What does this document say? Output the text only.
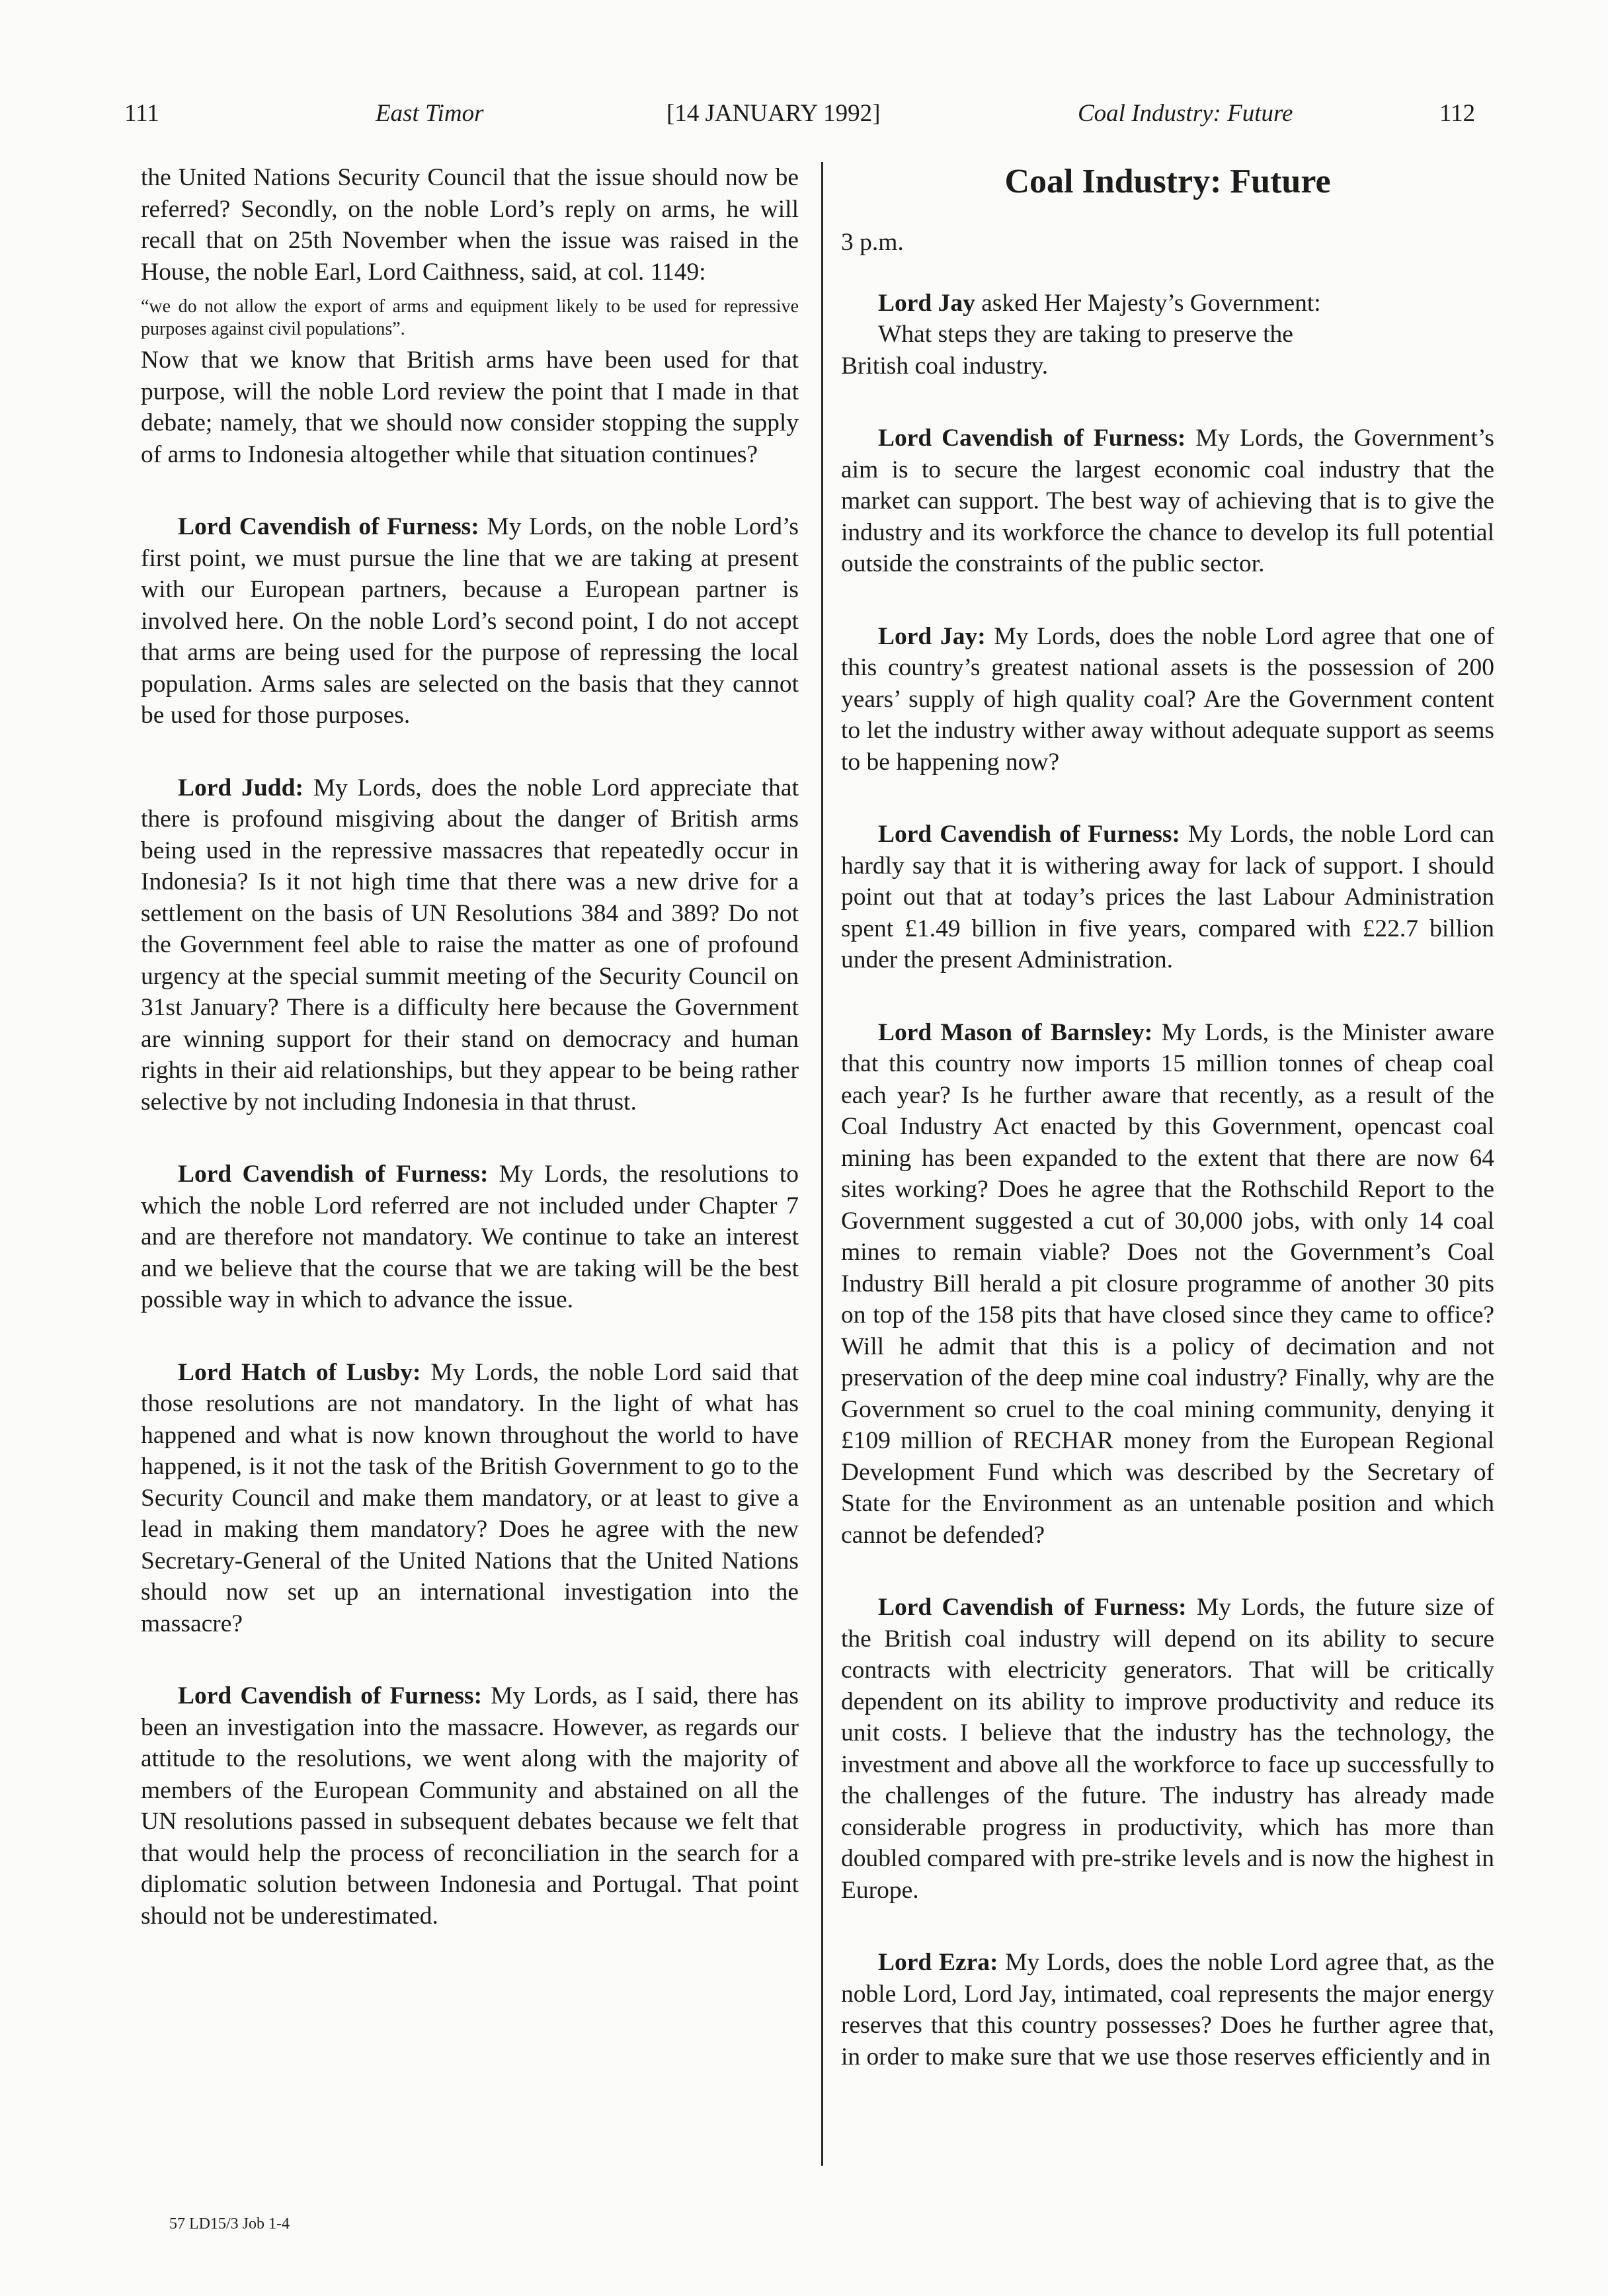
111	East Timor	[14 JANUARY 1992]	Coal Industry: Future	112

the United Nations Security Council that the issue should now be referred? Secondly, on the noble Lord’s reply on arms, he will recall that on 25th November when the issue was raised in the House, the noble Earl, Lord Caithness, said, at col. 1149:

“we do not allow the export of arms and equipment likely to be used for repressive purposes against civil populations”.

Now that we know that British arms have been used for that purpose, will the noble Lord review the point that I made in that debate; namely, that we should now consider stopping the supply of arms to Indonesia altogether while that situation continues?

Lord Cavendish of Furness: My Lords, on the noble Lord’s first point, we must pursue the line that we are taking at present with our European partners, because a European partner is involved here. On the noble Lord’s second point, I do not accept that arms are being used for the purpose of repressing the local population. Arms sales are selected on the basis that they cannot be used for those purposes.

Lord Judd: My Lords, does the noble Lord appreciate that there is profound misgiving about the danger of British arms being used in the repressive massacres that repeatedly occur in Indonesia? Is it not high time that there was a new drive for a settlement on the basis of UN Resolutions 384 and 389? Do not the Government feel able to raise the matter as one of profound urgency at the special summit meeting of the Security Council on 31st January? There is a difficulty here because the Government are winning support for their stand on democracy and human rights in their aid relationships, but they appear to be being rather selective by not including Indonesia in that thrust.

Lord Cavendish of Furness: My Lords, the resolutions to which the noble Lord referred are not included under Chapter 7 and are therefore not mandatory. We continue to take an interest and we believe that the course that we are taking will be the best possible way in which to advance the issue.

Lord Hatch of Lusby: My Lords, the noble Lord said that those resolutions are not mandatory. In the light of what has happened and what is now known throughout the world to have happened, is it not the task of the British Government to go to the Security Council and make them mandatory, or at least to give a lead in making them mandatory? Does he agree with the new Secretary-General of the United Nations that the United Nations should now set up an international investigation into the massacre?

Lord Cavendish of Furness: My Lords, as I said, there has been an investigation into the massacre. However, as regards our attitude to the resolutions, we went along with the majority of members of the European Community and abstained on all the UN resolutions passed in subsequent debates because we felt that that would help the process of reconciliation in the search for a diplomatic solution between Indonesia and Portugal. That point should not be underestimated.

Coal Industry: Future

3 p.m.

Lord Jay asked Her Majesty’s Government:

What steps they are taking to preserve the

British coal industry.

Lord Cavendish of Furness: My Lords, the Government’s aim is to secure the largest economic coal industry that the market can support. The best way of achieving that is to give the industry and its workforce the chance to develop its full potential outside the constraints of the public sector.

Lord Jay: My Lords, does the noble Lord agree that one of this country’s greatest national assets is the possession of 200 years’ supply of high quality coal? Are the Government content to let the industry wither away without adequate support as seems to be happening now?

Lord Cavendish of Furness: My Lords, the noble Lord can hardly say that it is withering away for lack of support. I should point out that at today’s prices the last Labour Administration spent £1.49 billion in five years, compared with £22.7 billion under the present Administration.

Lord Mason of Barnsley: My Lords, is the Minister aware that this country now imports 15 million tonnes of cheap coal each year? Is he further aware that recently, as a result of the Coal Industry Act enacted by this Government, opencast coal mining has been expanded to the extent that there are now 64 sites working? Does he agree that the Rothschild Report to the Government suggested a cut of 30,000 jobs, with only 14 coal mines to remain viable? Does not the Government’s Coal Industry Bill herald a pit closure programme of another 30 pits on top of the 158 pits that have closed since they came to office? Will he admit that this is a policy of decimation and not preservation of the deep mine coal industry? Finally, why are the Government so cruel to the coal mining community, denying it £109 million of RECHAR money from the European Regional Development Fund which was described by the Secretary of State for the Environment as an untenable position and which cannot be defended?

Lord Cavendish of Furness: My Lords, the future size of the British coal industry will depend on its ability to secure contracts with electricity generators. That will be critically dependent on its ability to improve productivity and reduce its unit costs. I believe that the industry has the technology, the investment and above all the workforce to face up successfully to the challenges of the future. The industry has already made considerable progress in productivity, which has more than doubled compared with pre-strike levels and is now the highest in Europe.

Lord Ezra: My Lords, does the noble Lord agree that, as the noble Lord, Lord Jay, intimated, coal represents the major energy reserves that this country possesses? Does he further agree that, in order to make sure that we use those reserves efficiently and in

57 LD15/3 Job 1-4
